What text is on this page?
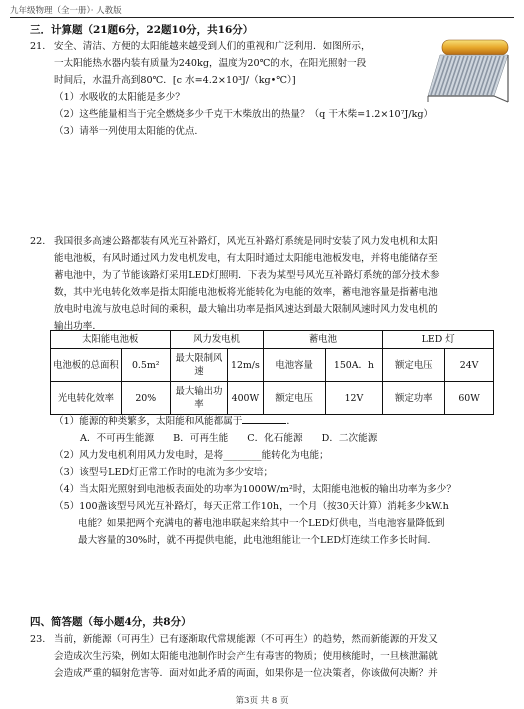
九年级物理（全一册）· 人教版
三．计算题（21题6分，22题10分，共16分）
21. 安全、清洁、方便的太阳能越来越受到人们的重视和广泛利用．如图所示，
一太阳能热水器内装有质量为240kg，温度为20℃的水，在阳光照射一段
时间后，水温升高到80℃．[c 水=4.2×10³J/（kg•℃）]
（1）水吸收的太阳能是多少？
（2）这些能量相当于完全燃烧多少千克干木柴放出的热量？（q 干木柴=1.2×10⁷J/kg）
（3）请举一列使用太阳能的优点.
22. 我国很多高速公路都装有风光互补路灯，风光互补路灯系统是同时安装了风力发电机和太阳
能电池板，有风时通过风力发电机发电，有太阳时通过太阳能电池板发电，并将电能储存至
蓄电池中，为了节能该路灯采用LED灯照明．下表为某型号风光互补路灯系统的部分技术参
数，其中光电转化效率是指太阳能电池板将光能转化为电能的效率，蓄电池容量是指蓄电池
放电时电流与放电总时间的乘积，最大输出功率是指风速达到最大限制风速时风力发电机的
输出功率．
太阳能电池板		风力发电机		蓄电池		LED 灯	
电池板的总面积	0.5m²	最大限制风速	12m/s	电池容量	150A．h	额定电压	24V
光电转化效率	20%	最大输出功率	400W	额定电压	12V	额定功率	60W
（1）能源的种类繁多，太阳能和风能都属于	．
A．不可再生能源 B．可再生能 C．化石能源 D．二次能源
（2）风力发电机利用风力发电时，是将________能转化为电能；
（3）该型号LED灯正常工作时的电流为多少安培；
（4）当太阳光照射到电池板表面处的功率为1000W/m²时，太阳能电池板的输出功率为多少？
（5）100盏该型号风光互补路灯，每天正常工作10h，一个月（按30天计算）消耗多少kW.h
电能？如果把两个充满电的蓄电池串联起来给其中一个LED灯供电，当电池容量降低到
最大容量的30%时，就不再提供电能，此电池组能让一个LED灯连续工作多长时间.
四、简答题（每小题4分，共8分）
23. 当前，新能源（可再生）已有逐渐取代常规能源（不可再生）的趋势，然而新能源的开发又
会造成次生污染，例如太阳能电池制作时会产生有毒害的物质；使用核能时，一旦核泄漏就
会造成严重的辐射危害等．面对如此矛盾的両面，如果你是一位决策者，你该做何决断？并
第3页 共 8 页
